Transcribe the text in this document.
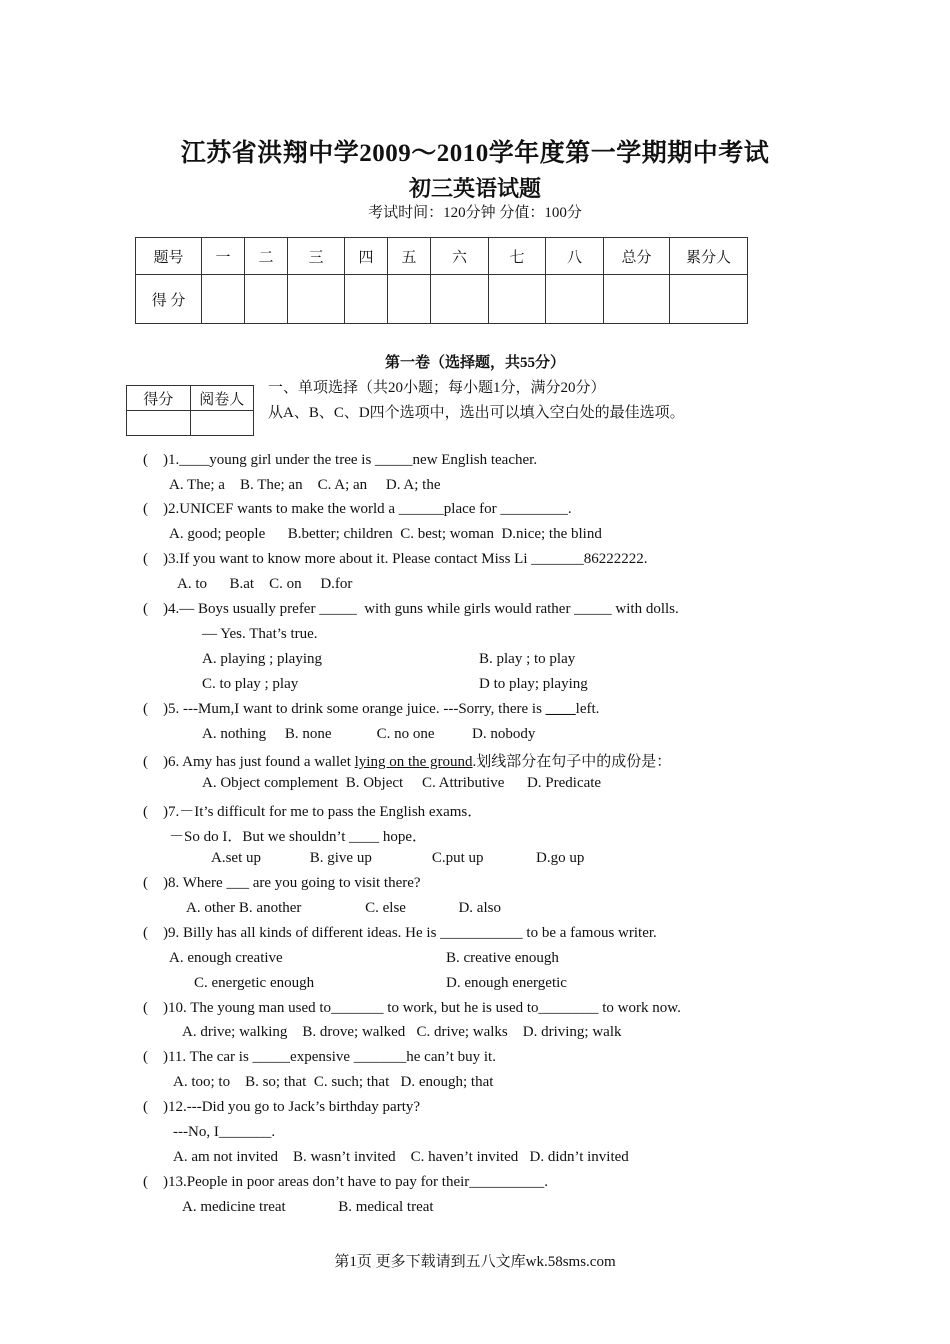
江苏省洪翔中学2009～2010学年度第一学期期中考试
初三英语试题
考试时间：120分钟 分值：100分
题号	一	二	三	四	五	六	七	八	总分	累分人
得 分										
第一卷（选择题，共55分）
得分	阅卷人

一、单项选择（共20小题；每小题1分，满分20分）
从A、B、C、D四个选项中，选出可以填入空白处的最佳选项。
(    )1.____young girl under the tree is _____new English teacher.
A. The; a    B. The; an    C. A; an     D. A; the
(    )2.UNICEF wants to make the world a ______place for _________.
A. good; people      B.better; children  C. best; woman  D.nice; the blind
(    )3.If you want to know more about it. Please contact Miss Li _______86222222.
A. to      B.at    C. on     D.for
(    )4.— Boys usually prefer _____  with guns while girls would rather _____ with dolls.
— Yes. That’s true.
A. playing ; playing	B. play ; to play
C. to play ; play	D to play; playing
(    )5. ---Mum,I want to drink some orange juice. ---Sorry, there is ____left.
A. nothing     B. none            C. no one          D. nobody
(    )6. Amy has just found a wallet lying on the ground.划线部分在句子中的成份是：
A. Object complement  B. Object     C. Attributive      D. Predicate
(    )7.－It’s difficult for me to pass the English exams．
－So do I．But we shouldn’t ____ hope．
A.set up             B. give up                C.put up              D.go up
(    )8. Where ___ are you going to visit there?
A. other B. another                 C. else              D. also
(    )9. Billy has all kinds of different ideas. He is ___________ to be a famous writer.
A. enough creative	B. creative enough
C. energetic enough	D. enough energetic
(    )10. The young man used to_______ to work, but he is used to________ to work now.
A. drive; walking    B. drove; walked   C. drive; walks    D. driving; walk
(    )11. The car is _____expensive _______he can’t buy it.
A. too; to    B. so; that  C. such; that   D. enough; that
(    )12.---Did you go to Jack’s birthday party?
---No, I_______.
A. am not invited    B. wasn’t invited    C. haven’t invited   D. didn’t invited
(    )13.People in poor areas don’t have to pay for their__________.
A. medicine treat              B. medical treat
第1页 更多下载请到五八文库wk.58sms.com
